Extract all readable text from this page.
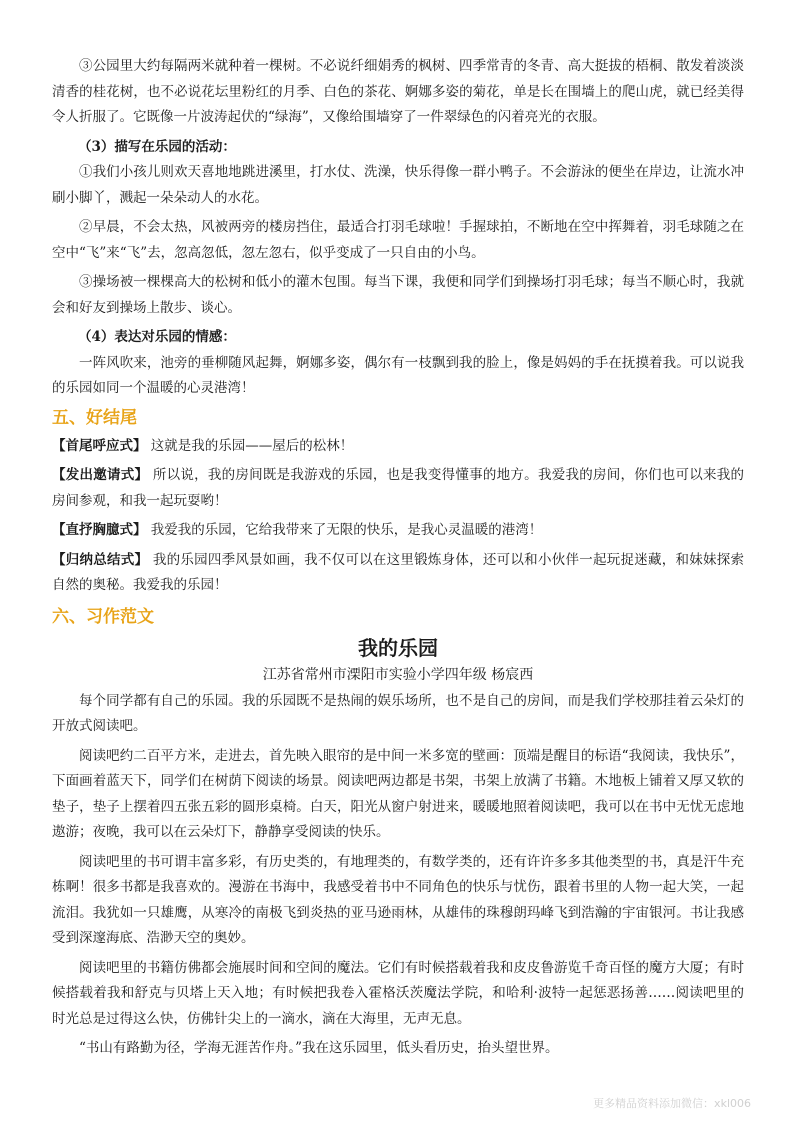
③公园里大约每隔两米就种着一棵树。不必说纤细娟秀的枫树、四季常青的冬青、高大挺拔的梧桐、散发着淡淡清香的桂花树，也不必说花坛里粉红的月季、白色的茶花、婀娜多姿的菊花，单是长在围墙上的爬山虎，就已经美得令人折服了。它既像一片波涛起伏的“绿海”，又像给围墙穿了一件翠绿色的闪着亮光的衣服。

（3）描写在乐园的活动：

①我们小孩儿则欢天喜地地跳进溪里，打水仗、洗澡，快乐得像一群小鸭子。不会游泳的便坐在岸边，让流水冲刷小脚丫，溅起一朵朵动人的水花。

②早晨，不会太热，风被两旁的楼房挡住，最适合打羽毛球啦！手握球拍，不断地在空中挥舞着，羽毛球随之在空中“飞”来“飞”去，忽高忽低，忽左忽右，似乎变成了一只自由的小鸟。

③操场被一棵棵高大的松树和低小的灌木包围。每当下课，我便和同学们到操场打羽毛球；每当不顺心时，我就会和好友到操场上散步、谈心。

（4）表达对乐园的情感：

一阵风吹来，池旁的垂柳随风起舞，婀娜多姿，偶尔有一枝飘到我的脸上，像是妈妈的手在抚摸着我。可以说我的乐园如同一个温暖的心灵港湾！

五、好结尾

【首尾呼应式】 这就是我的乐园——屋后的松林！

【发出邀请式】 所以说，我的房间既是我游戏的乐园，也是我变得懂事的地方。我爱我的房间，你们也可以来我的房间参观，和我一起玩耍哟！

【直抒胸臆式】 我爱我的乐园，它给我带来了无限的快乐，是我心灵温暖的港湾！

【归纳总结式】 我的乐园四季风景如画，我不仅可以在这里锻炼身体，还可以和小伙伴一起玩捉迷藏，和妹妹探索自然的奥秘。我爱我的乐园！

六、习作范文
我的乐园
江苏省常州市溧阳市实验小学四年级 杨宸西

每个同学都有自己的乐园。我的乐园既不是热闹的娱乐场所，也不是自己的房间，而是我们学校那挂着云朵灯的开放式阅读吧。

阅读吧约二百平方米，走进去，首先映入眼帘的是中间一米多宽的壁画：顶端是醒目的标语“我阅读，我快乐”，下面画着蓝天下，同学们在树荫下阅读的场景。阅读吧两边都是书架，书架上放满了书籍。木地板上铺着又厚又软的垫子，垫子上摆着四五张五彩的圆形桌椅。白天，阳光从窗户射进来，暖暖地照着阅读吧，我可以在书中无忧无虑地遨游；夜晚，我可以在云朵灯下，静静享受阅读的快乐。

阅读吧里的书可谓丰富多彩，有历史类的，有地理类的，有数学类的，还有许许多多其他类型的书，真是汗牛充栋啊！很多书都是我喜欢的。漫游在书海中，我感受着书中不同角色的快乐与忧伤，跟着书里的人物一起大笑，一起流泪。我犹如一只雄鹰，从寒冷的南极飞到炎热的亚马逊雨林，从雄伟的珠穆朗玛峰飞到浩瀚的宇宙银河。书让我感受到深邃海底、浩渺天空的奥妙。

阅读吧里的书籍仿佛都会施展时间和空间的魔法。它们有时候搭载着我和皮皮鲁游览千奇百怪的魔方大厦；有时候搭载着我和舒克与贝塔上天入地；有时候把我卷入霍格沃茨魔法学院，和哈利·波特一起惩恶扬善……阅读吧里的时光总是过得这么快，仿佛针尖上的一滴水，滴在大海里，无声无息。

“书山有路勤为径，学海无涯苦作舟。”我在这乐园里，低头看历史，抬头望世界。

更多精品资料添加微信：xkl006
